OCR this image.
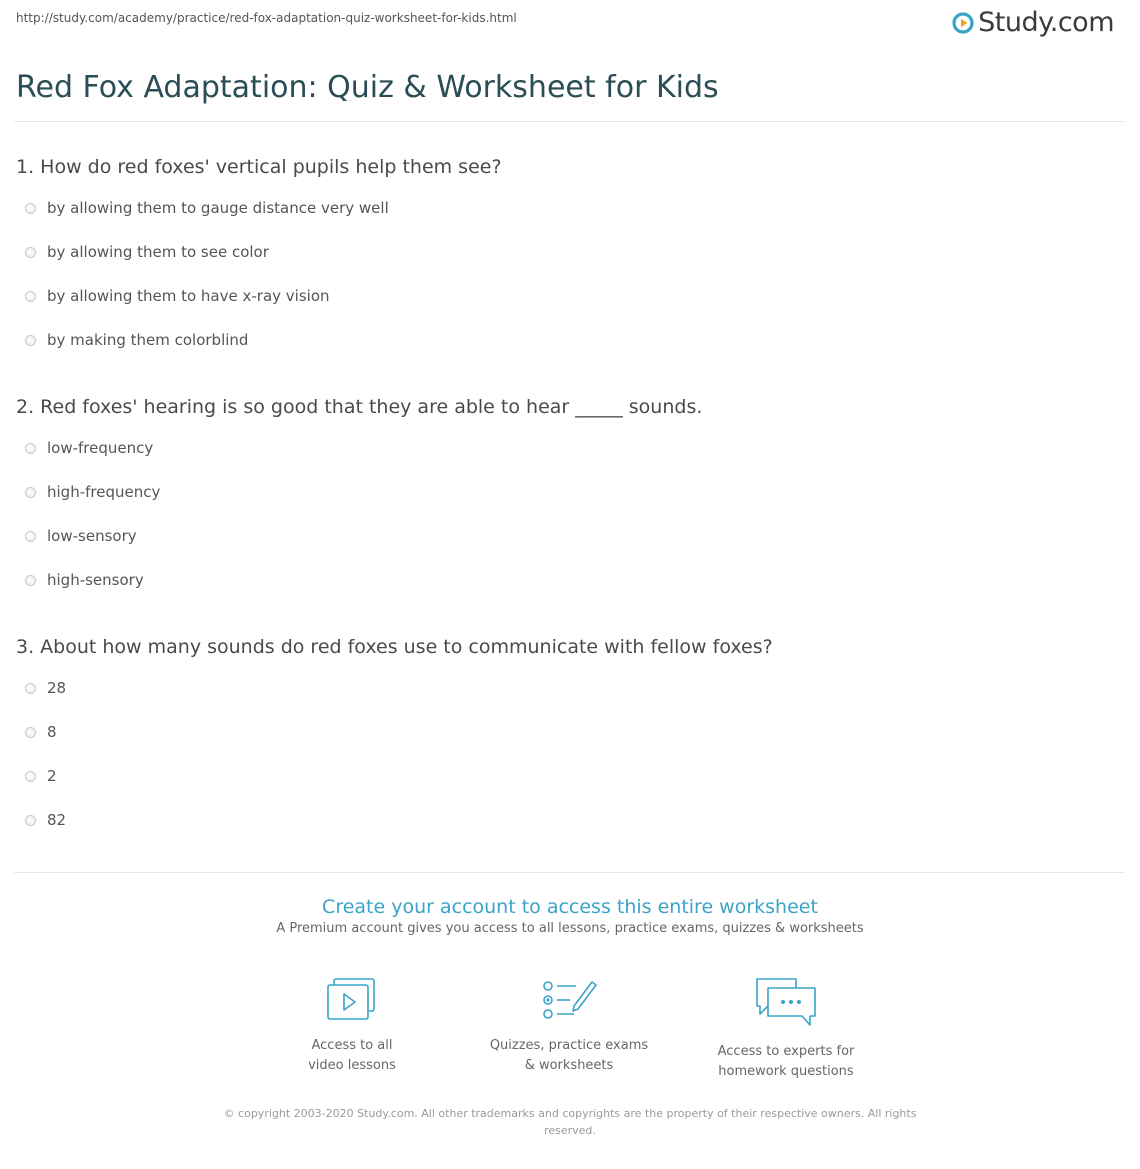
http://study.com/academy/practice/red-fox-adaptation-quiz-worksheet-for-kids.html	Study.com
Red Fox Adaptation: Quiz & Worksheet for Kids
1. How do red foxes' vertical pupils help them see?
by allowing them to gauge distance very well
by allowing them to see color
by allowing them to have x-ray vision
by making them colorblind
2. Red foxes' hearing is so good that they are able to hear _____ sounds.
low-frequency
high-frequency
low-sensory
high-sensory
3. About how many sounds do red foxes use to communicate with fellow foxes?
28
8
2
82
Create your account to access this entire worksheet
A Premium account gives you access to all lessons, practice exams, quizzes & worksheets
Access to all
video lessons
Quizzes, practice exams
& worksheets
Access to experts for
homework questions
© copyright 2003-2020 Study.com. All other trademarks and copyrights are the property of their respective owners. All rights reserved.
